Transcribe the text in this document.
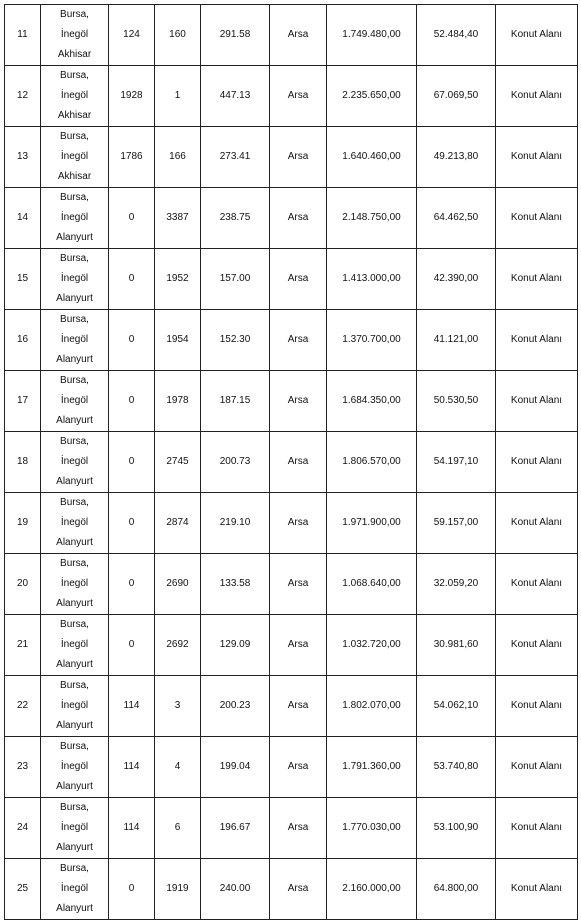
11	Bursa,
İnegöl
Akhisar	124	160	291.58	Arsa	1.749.480,00	52.484,40	Konut Alanı
12	Bursa,
İnegöl
Akhisar	1928	1	447.13	Arsa	2.235.650,00	67.069,50	Konut Alanı
13	Bursa,
İnegöl
Akhisar	1786	166	273.41	Arsa	1.640.460,00	49.213,80	Konut Alanı
14	Bursa,
İnegöl
Alanyurt	0	3387	238.75	Arsa	2.148.750,00	64.462,50	Konut Alanı
15	Bursa,
İnegöl
Alanyurt	0	1952	157.00	Arsa	1.413.000,00	42.390,00	Konut Alanı
16	Bursa,
İnegöl
Alanyurt	0	1954	152.30	Arsa	1.370.700,00	41.121,00	Konut Alanı
17	Bursa,
İnegöl
Alanyurt	0	1978	187.15	Arsa	1.684.350,00	50.530,50	Konut Alanı
18	Bursa,
İnegöl
Alanyurt	0	2745	200.73	Arsa	1.806.570,00	54.197,10	Konut Alanı
19	Bursa,
İnegöl
Alanyurt	0	2874	219.10	Arsa	1.971.900,00	59.157,00	Konut Alanı
20	Bursa,
İnegöl
Alanyurt	0	2690	133.58	Arsa	1.068.640,00	32.059,20	Konut Alanı
21	Bursa,
İnegöl
Alanyurt	0	2692	129.09	Arsa	1.032.720,00	30.981,60	Konut Alanı
22	Bursa,
İnegöl
Alanyurt	114	3	200.23	Arsa	1.802.070,00	54.062,10	Konut Alanı
23	Bursa,
İnegöl
Alanyurt	114	4	199.04	Arsa	1.791.360,00	53.740,80	Konut Alanı
24	Bursa,
İnegöl
Alanyurt	114	6	196.67	Arsa	1.770.030,00	53.100,90	Konut Alanı
25	Bursa,
İnegöl
Alanyurt	0	1919	240.00	Arsa	2.160.000,00	64.800,00	Konut Alanı
